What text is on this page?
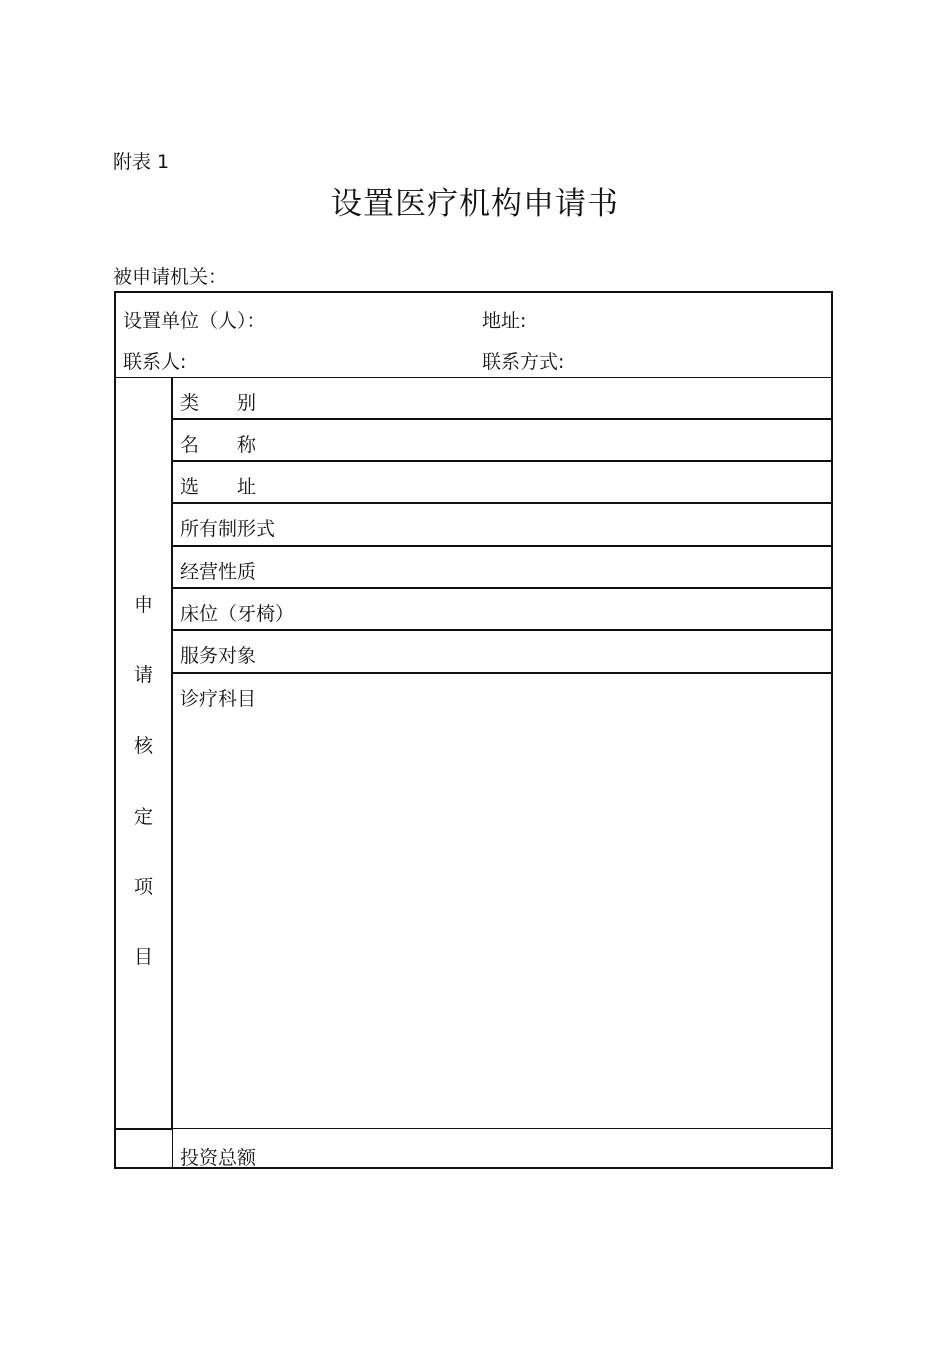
附表 1
设置医疗机构申请书
被申请机关：
设置单位（人）：	地址:
联系人:	联系方式:
申
请
核
定
项
目
类　　别
名　　称
选　　址
所有制形式
经营性质
床位（牙椅）
服务对象
诊疗科目
投资总额
